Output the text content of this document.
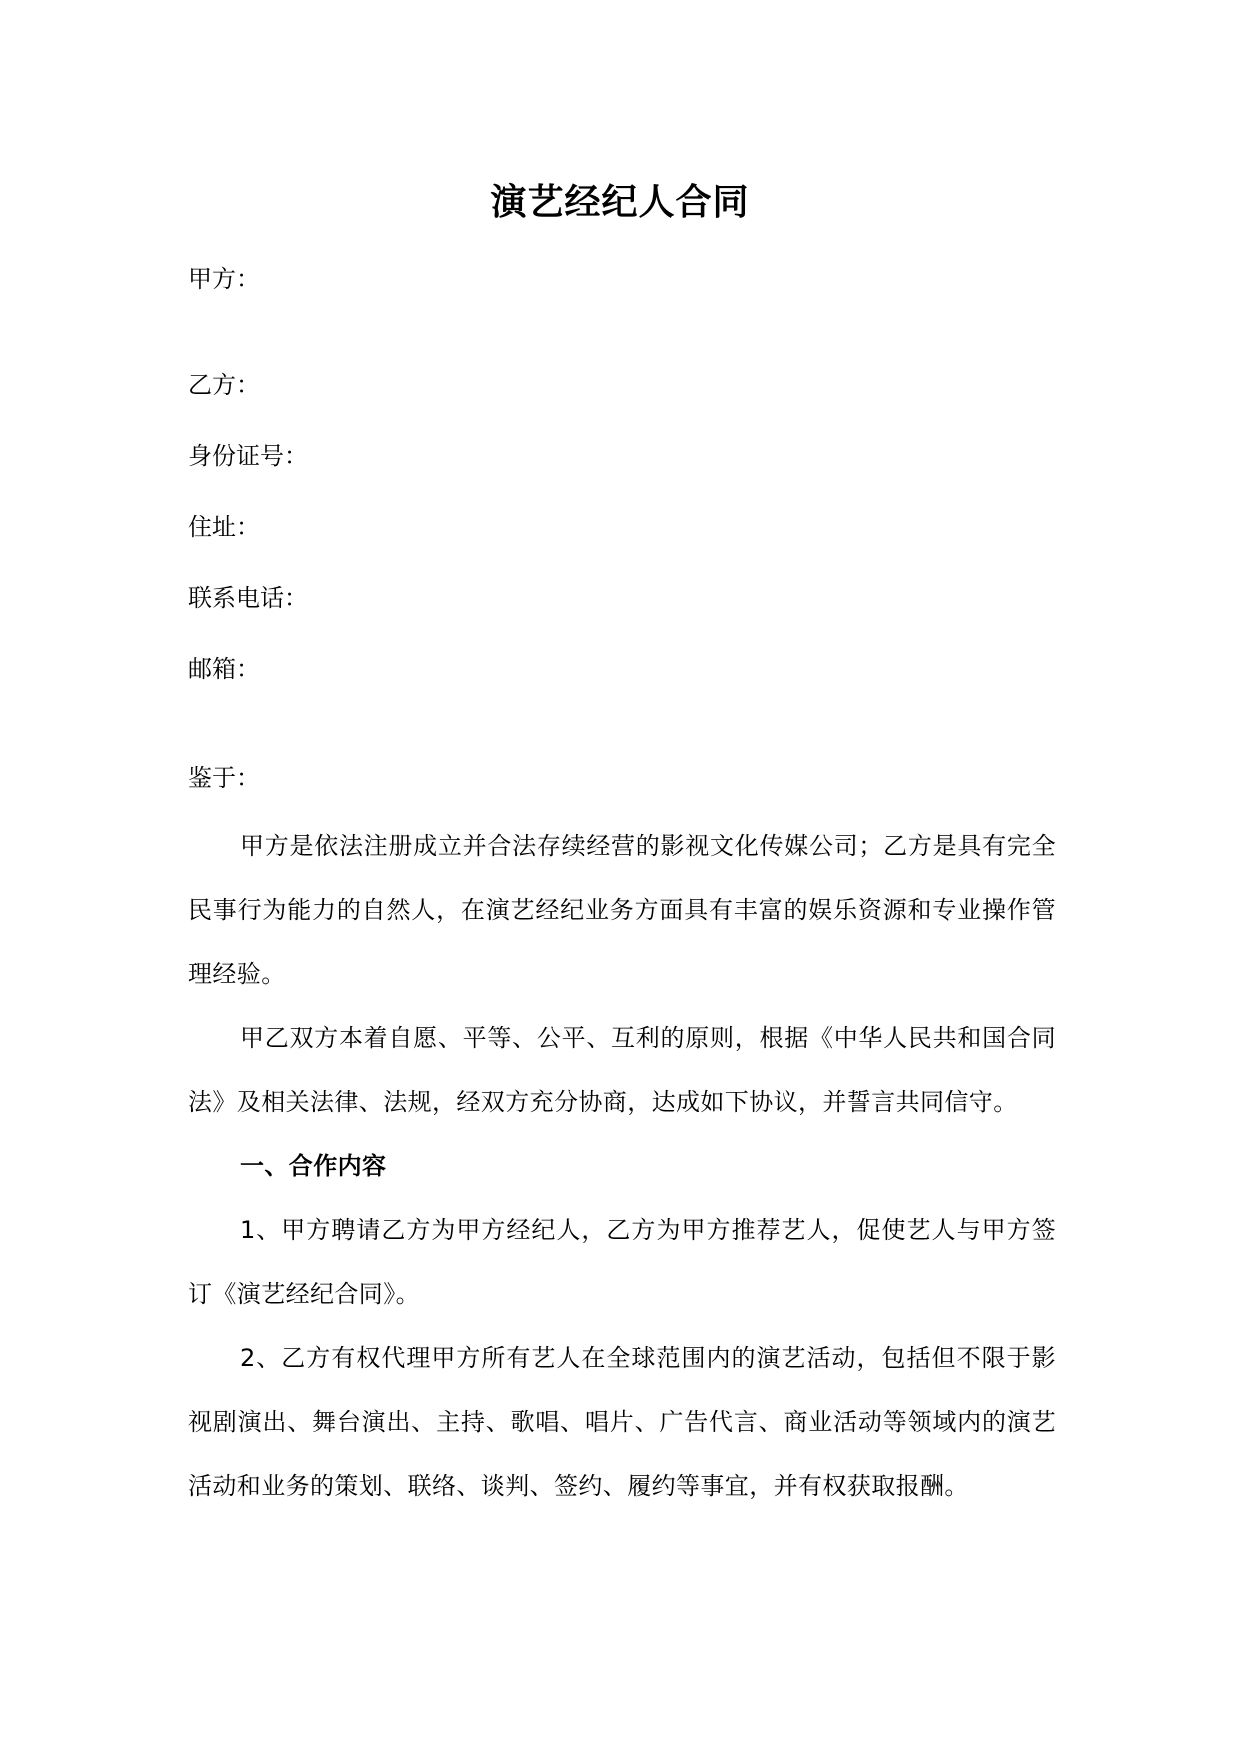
演艺经纪人合同
甲方：
乙方：
身份证号：
住址：
联系电话：
邮箱：
鉴于：

甲方是依法注册成立并合法存续经营的影视文化传媒公司；乙方是具有完全民事行为能力的自然人，在演艺经纪业务方面具有丰富的娱乐资源和专业操作管理经验。

甲乙双方本着自愿、平等、公平、互利的原则，根据《中华人民共和国合同法》及相关法律、法规，经双方充分协商，达成如下协议，并誓言共同信守。

一、合作内容

1、甲方聘请乙方为甲方经纪人，乙方为甲方推荐艺人，促使艺人与甲方签订《演艺经纪合同》。

2、乙方有权代理甲方所有艺人在全球范围内的演艺活动，包括但不限于影视剧演出、舞台演出、主持、歌唱、唱片、广告代言、商业活动等领域内的演艺活动和业务的策划、联络、谈判、签约、履约等事宜，并有权获取报酬。
